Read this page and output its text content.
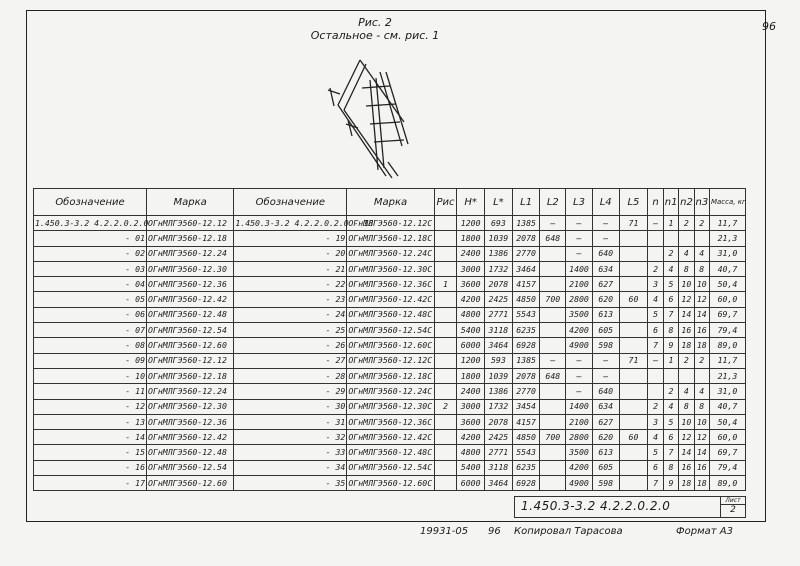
96
Рис. 2
Остальное - см. рис. 1
Обозначение	Марка	Обозначение	Марка	Рис	H*	L*	L1	L2	L3	L4	L5	n	n1	n2	n3	Масса, кг
1.450.3-3.2 4.2.2.0.2.0	ОГнМЛГЭ560-12.12	1.450.3-3.2 4.2.2.0.2.0 - 18	ОГнМЛГЭ560-12.12С		1200	693	1385	—	—	—	71	—	1	2	2	11,7
- 01	ОГнМЛГЭ560-12.18	- 19	ОГнМЛГЭ560-12.18С		1800	1039	2078	648	—	—						21,3
- 02	ОГнМЛГЭ560-12.24	- 20	ОГнМЛГЭ560-12.24С		2400	1386	2770		—	640			2	4	4	31,0
- 03	ОГнМЛГЭ560-12.30	- 21	ОГнМЛГЭ560-12.30С		3000	1732	3464		1400	634		2	4	8	8	40,7
- 04	ОГнМЛГЭ560-12.36	- 22	ОГнМЛГЭ560-12.36С	1	3600	2078	4157		2100	627		3	5	10	10	50,4
- 05	ОГнМЛГЭ560-12.42	- 23	ОГнМЛГЭ560-12.42С		4200	2425	4850	700	2800	620	60	4	6	12	12	60,0
- 06	ОГнМЛГЭ560-12.48	- 24	ОГнМЛГЭ560-12.48С		4800	2771	5543		3500	613		5	7	14	14	69,7
- 07	ОГнМЛГЭ560-12.54	- 25	ОГнМЛГЭ560-12.54С		5400	3118	6235		4200	605		6	8	16	16	79,4
- 08	ОГнМЛГЭ560-12.60	- 26	ОГнМЛГЭ560-12.60С		6000	3464	6928		4900	598		7	9	18	18	89,0
- 09	ОГнМЛГЭ560-12.12	- 27	ОГнМЛГЭ560-12.12С		1200	593	1385	—	—	—	71	—	1	2	2	11,7
- 10	ОГнМЛГЭ560-12.18	- 28	ОГнМЛГЭ560-12.18С		1800	1039	2078	648	—	—						21,3
- 11	ОГнМЛГЭ560-12.24	- 29	ОГнМЛГЭ560-12.24С		2400	1386	2770		—	640			2	4	4	31,0
- 12	ОГнМЛГЭ560-12.30	- 30	ОГнМЛГЭ560-12.30С	2	3000	1732	3454		1400	634		2	4	8	8	40,7
- 13	ОГнМЛГЭ560-12.36	- 31	ОГнМЛГЭ560-12.36С		3600	2078	4157		2100	627		3	5	10	10	50,4
- 14	ОГнМЛГЭ560-12.42	- 32	ОГнМЛГЭ560-12.42С		4200	2425	4850	700	2800	620	60	4	6	12	12	60,0
- 15	ОГнМЛГЭ560-12.48	- 33	ОГнМЛГЭ560-12.48С		4800	2771	5543		3500	613		5	7	14	14	69,7
- 16	ОГнМЛГЭ560-12.54	- 34	ОГнМЛГЭ560-12.54С		5400	3118	6235		4200	605		6	8	16	16	79,4
- 17	ОГнМЛГЭ560-12.60	- 35	ОГнМЛГЭ560-12.60С		6000	3464	6928		4900	598		7	9	18	18	89,0
1.450.3-3.2 4.2.2.0.2.0	Лист
2
19931-05 96 Копировал Тарасова	Формат А3
